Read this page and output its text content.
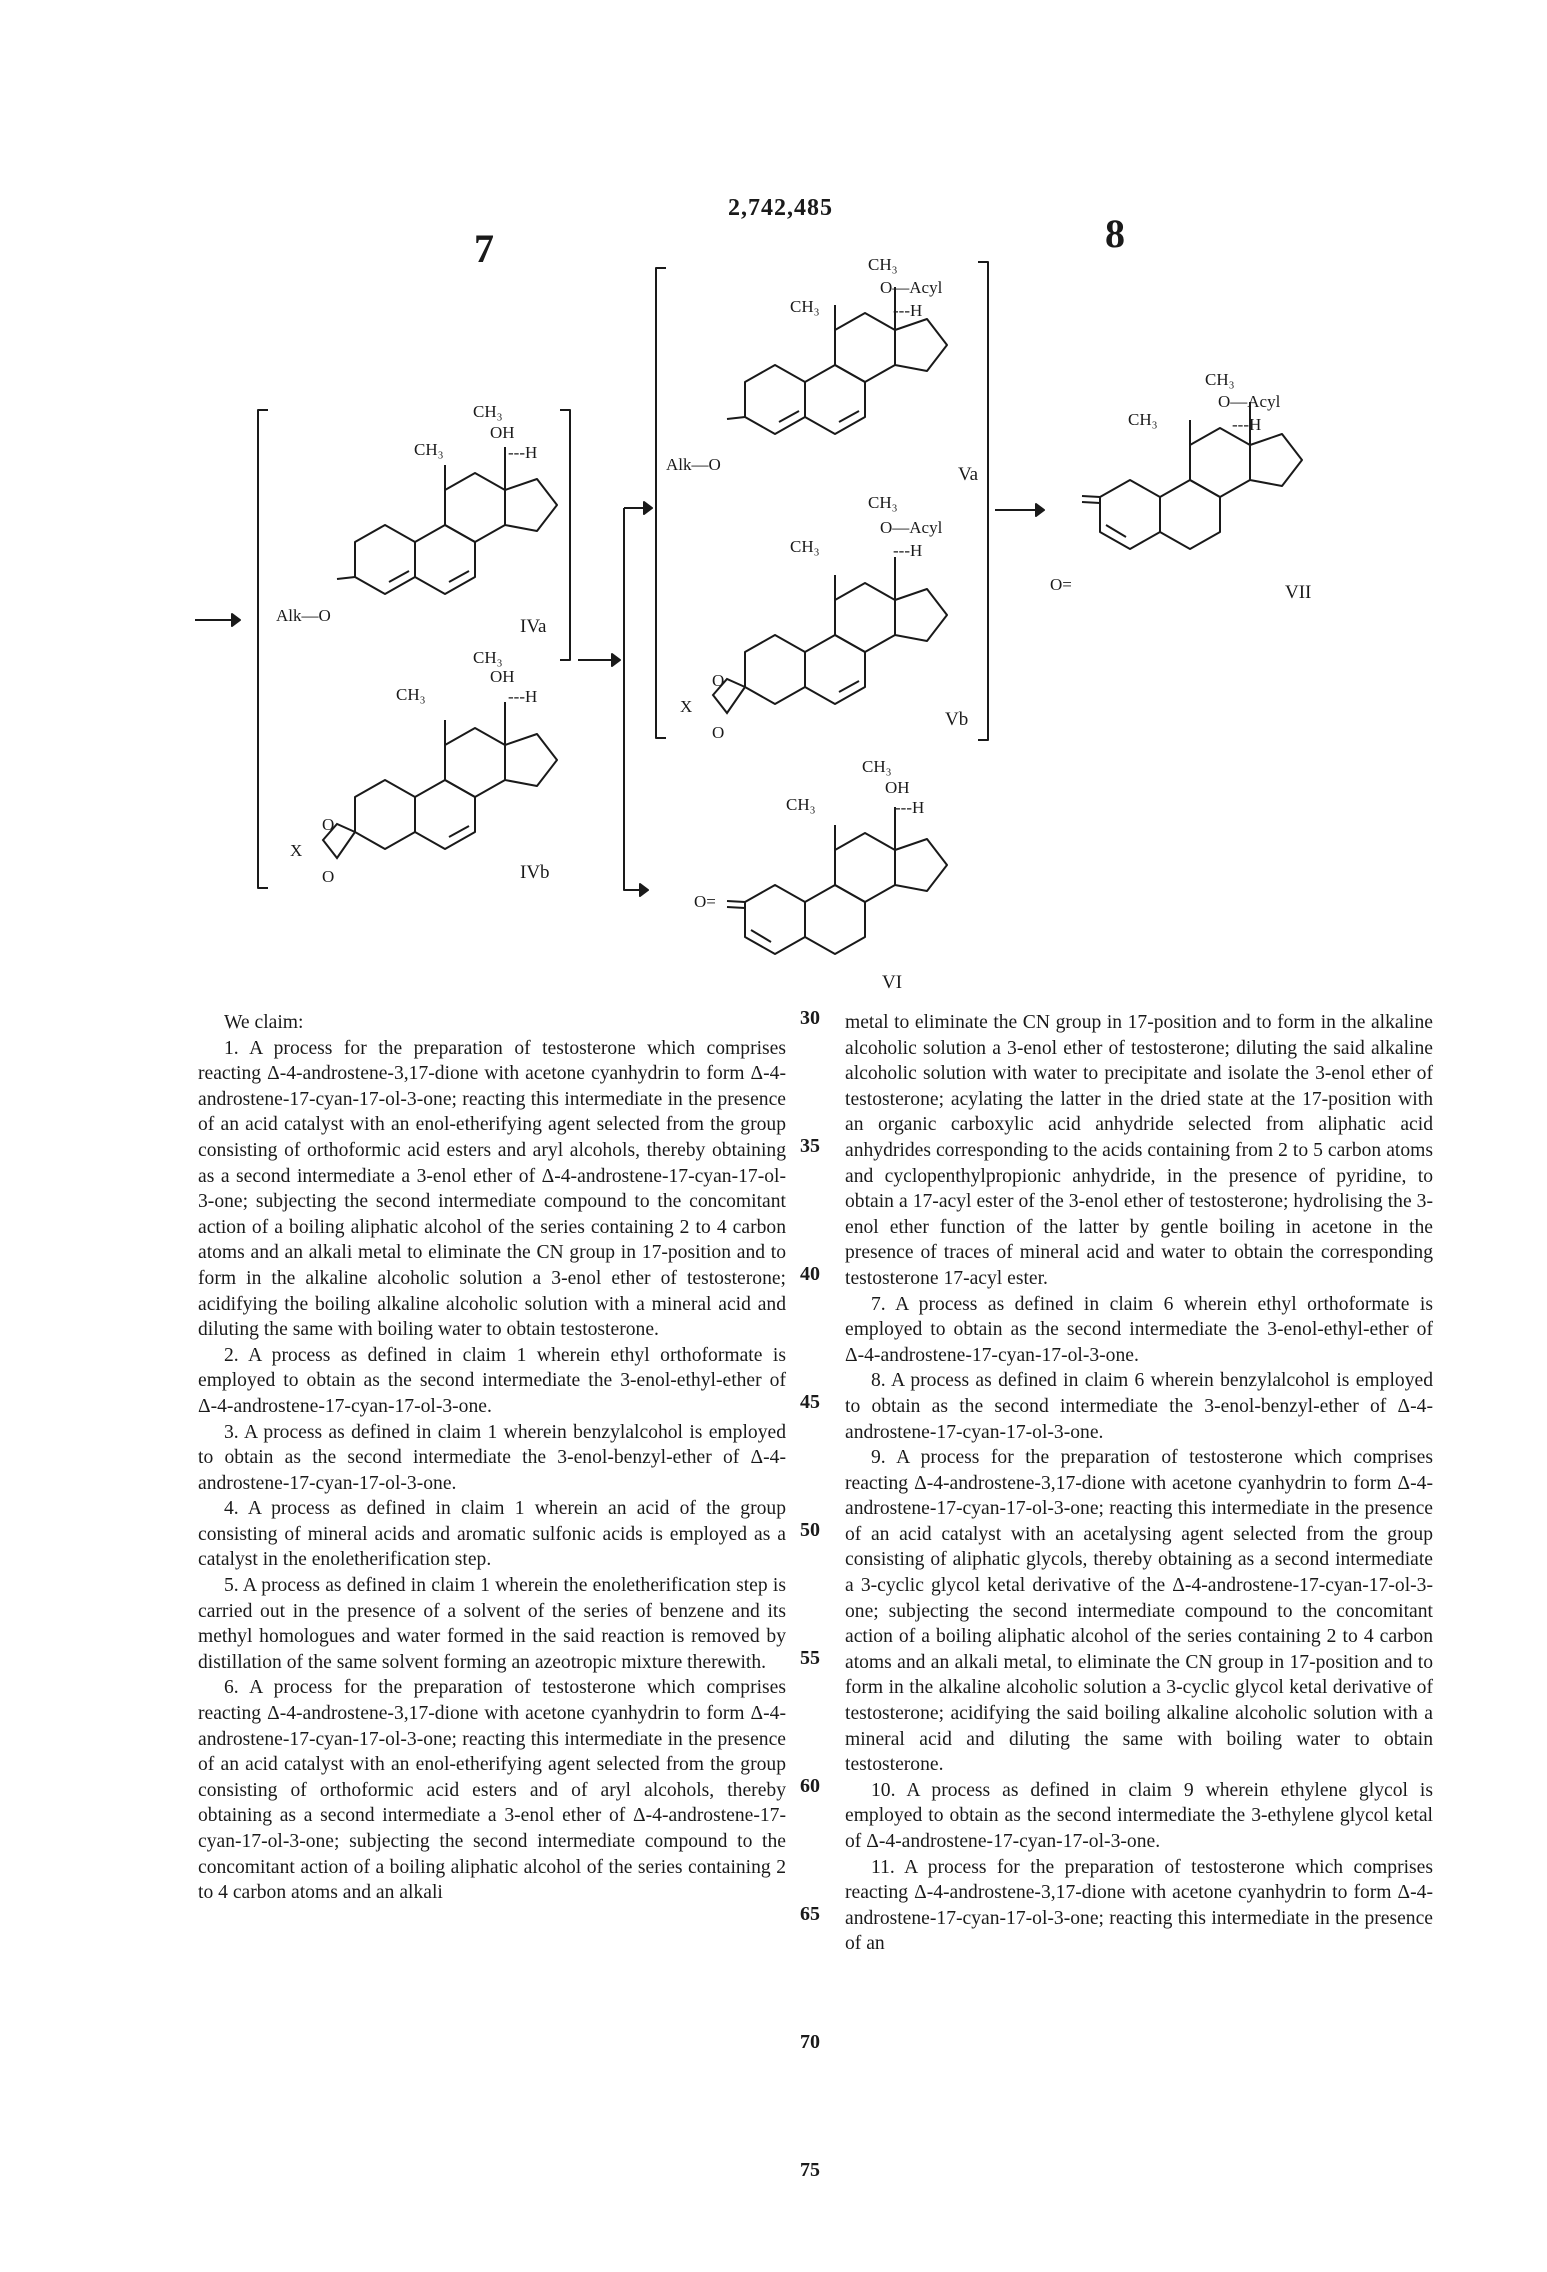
7
2,742,485
8
CH₃
CH₃
OH
---H
Alk—O
IVa
CH₃
CH₃
OH
---H
O
X
O	IVb
CH₃
CH₃
O—Acyl
---H
Alk—O	Va
CH₃
CH₃
O—Acyl
---H
O
X
O
Vb
CH₃
CH₃
OH
---H
O=
VI
CH₃
CH₃
O—Acyl
---H
O=	VII
30
35
40
45
50
55
60
65
70
75

We claim:

1. A process for the preparation of testosterone which comprises reacting Δ-4-androstene-3,17-dione with acetone cyanhydrin to form Δ-4-androstene-17-cyan-17-ol-3-one; reacting this intermediate in the presence of an acid catalyst with an enol-etherifying agent selected from the group consisting of orthoformic acid esters and aryl alcohols, thereby obtaining as a second intermediate a 3-enol ether of Δ-4-androstene-17-cyan-17-ol-3-one; subjecting the second intermediate compound to the concomitant action of a boiling aliphatic alcohol of the series containing 2 to 4 carbon atoms and an alkali metal to eliminate the CN group in 17-position and to form in the alkaline alcoholic solution a 3-enol ether of testosterone; acidifying the boiling alkaline alcoholic solution with a mineral acid and diluting the same with boiling water to obtain testosterone.

2. A process as defined in claim 1 wherein ethyl orthoformate is employed to obtain as the second intermediate the 3-enol-ethyl-ether of Δ-4-androstene-17-cyan-17-ol-3-one.

3. A process as defined in claim 1 wherein benzylalcohol is employed to obtain as the second intermediate the 3-enol-benzyl-ether of Δ-4-androstene-17-cyan-17-ol-3-one.

4. A process as defined in claim 1 wherein an acid of the group consisting of mineral acids and aromatic sulfonic acids is employed as a catalyst in the enoletherification step.

5. A process as defined in claim 1 wherein the enoletherification step is carried out in the presence of a solvent of the series of benzene and its methyl homologues and water formed in the said reaction is removed by distillation of the same solvent forming an azeotropic mixture therewith.

6. A process for the preparation of testosterone which comprises reacting Δ-4-androstene-3,17-dione with acetone cyanhydrin to form Δ-4-androstene-17-cyan-17-ol-3-one; reacting this intermediate in the presence of an acid catalyst with an enol-etherifying agent selected from the group consisting of orthoformic acid esters and of aryl alcohols, thereby obtaining as a second intermediate a 3-enol ether of Δ-4-androstene-17-cyan-17-ol-3-one; subjecting the second intermediate compound to the concomitant action of a boiling aliphatic alcohol of the series containing 2 to 4 carbon atoms and an alkali

metal to eliminate the CN group in 17-position and to form in the alkaline alcoholic solution a 3-enol ether of testosterone; diluting the said alkaline alcoholic solution with water to precipitate and isolate the 3-enol ether of testosterone; acylating the latter in the dried state at the 17-position with an organic carboxylic acid anhydride selected from aliphatic acid anhydrides corresponding to the acids containing from 2 to 5 carbon atoms and cyclopenthylpropionic anhydride, in the presence of pyridine, to obtain a 17-acyl ester of the 3-enol ether of testosterone; hydrolising the 3-enol ether function of the latter by gentle boiling in acetone in the presence of traces of mineral acid and water to obtain the corresponding testosterone 17-acyl ester.

7. A process as defined in claim 6 wherein ethyl orthoformate is employed to obtain as the second intermediate the 3-enol-ethyl-ether of Δ-4-androstene-17-cyan-17-ol-3-one.

8. A process as defined in claim 6 wherein benzylalcohol is employed to obtain as the second intermediate the 3-enol-benzyl-ether of Δ-4-androstene-17-cyan-17-ol-3-one.

9. A process for the preparation of testosterone which comprises reacting Δ-4-androstene-3,17-dione with acetone cyanhydrin to form Δ-4-androstene-17-cyan-17-ol-3-one; reacting this intermediate in the presence of an acid catalyst with an acetalysing agent selected from the group consisting of aliphatic glycols, thereby obtaining as a second intermediate a 3-cyclic glycol ketal derivative of the Δ-4-androstene-17-cyan-17-ol-3-one; subjecting the second intermediate compound to the concomitant action of a boiling aliphatic alcohol of the series containing 2 to 4 carbon atoms and an alkali metal, to eliminate the CN group in 17-position and to form in the alkaline alcoholic solution a 3-cyclic glycol ketal derivative of testosterone; acidifying the said boiling alkaline alcoholic solution with a mineral acid and diluting the same with boiling water to obtain testosterone.

10. A process as defined in claim 9 wherein ethylene glycol is employed to obtain as the second intermediate the 3-ethylene glycol ketal of Δ-4-androstene-17-cyan-17-ol-3-one.

11. A process for the preparation of testosterone which comprises reacting Δ-4-androstene-3,17-dione with acetone cyanhydrin to form Δ-4-androstene-17-cyan-17-ol-3-one; reacting this intermediate in the presence of an
